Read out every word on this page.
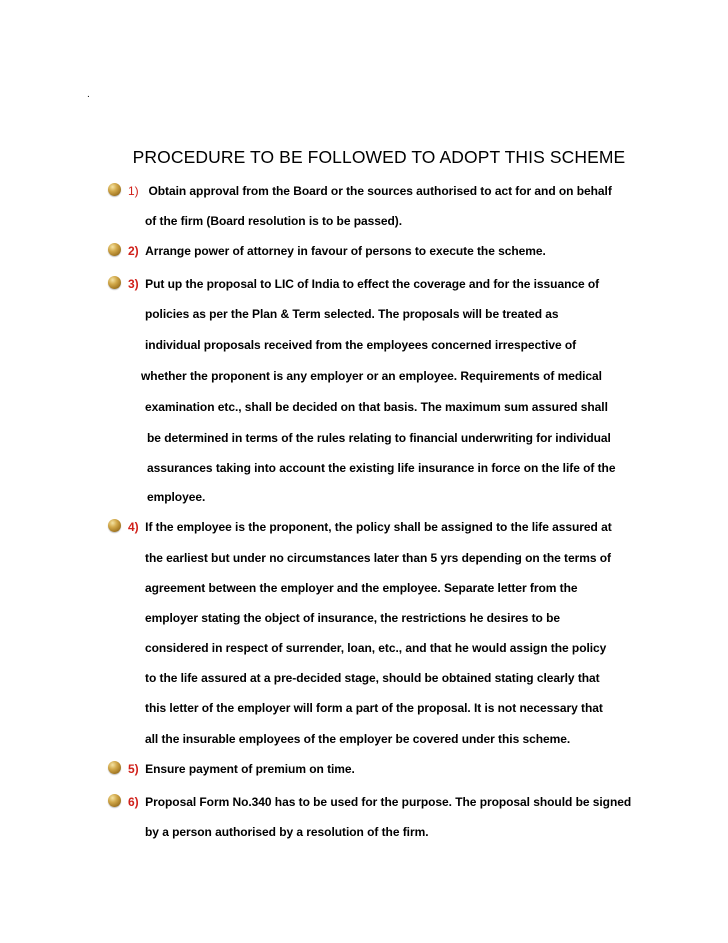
.
PROCEDURE TO BE FOLLOWED TO ADOPT THIS SCHEME
1) Obtain approval from the Board or the sources authorised to act for and on behalf
of the firm (Board resolution is to be passed).
2) Arrange power of attorney in favour of persons to execute the scheme.
3) Put up the proposal to LIC of India to effect the coverage and for the issuance of
policies as per the Plan & Term selected. The proposals will be treated as
individual proposals received from the employees concerned irrespective of
whether the proponent is any employer or an employee. Requirements of medical
examination etc., shall be decided on that basis. The maximum sum assured shall
be determined in terms of the rules relating to financial underwriting for individual
assurances taking into account the existing life insurance in force on the life of the
employee.
4) If the employee is the proponent, the policy shall be assigned to the life assured at
the earliest but under no circumstances later than 5 yrs depending on the terms of
agreement between the employer and the employee. Separate letter from the
employer stating the object of insurance, the restrictions he desires to be
considered in respect of surrender, loan, etc., and that he would assign the policy
to the life assured at a pre-decided stage, should be obtained stating clearly that
this letter of the employer will form a part of the proposal. It is not necessary that
all the insurable employees of the employer be covered under this scheme.
5) Ensure payment of premium on time.
6) Proposal Form No.340 has to be used for the purpose. The proposal should be signed
by a person authorised by a resolution of the firm.
